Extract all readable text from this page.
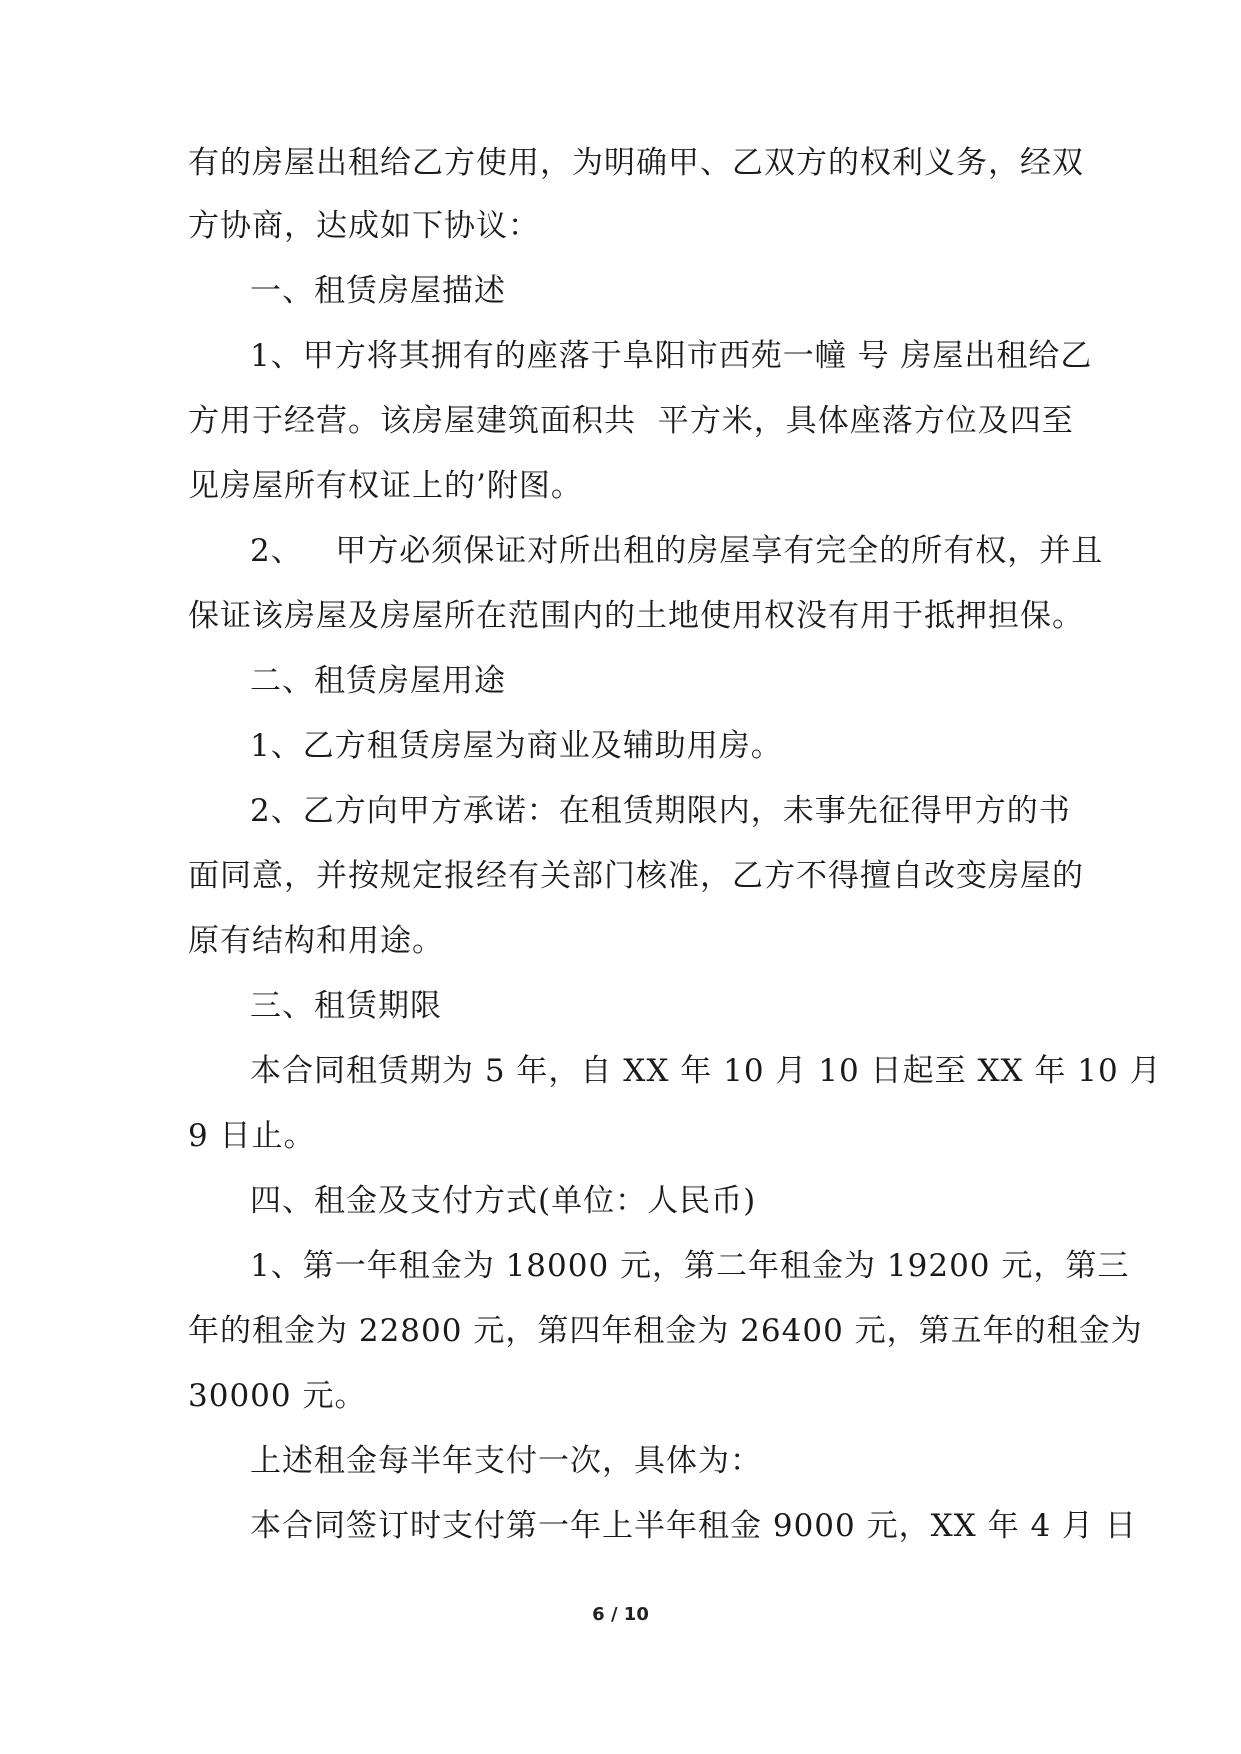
有的房屋出租给乙方使用，为明确甲、乙双方的权利义务，经双
方协商，达成如下协议：
一、租赁房屋描述
1、甲方将其拥有的座落于阜阳市西苑一幢 号 房屋出租给乙
方用于经营。该房屋建筑面积共  平方米，具体座落方位及四至
见房屋所有权证上的’附图。
2、   甲方必须保证对所出租的房屋享有完全的所有权，并且
保证该房屋及房屋所在范围内的土地使用权没有用于抵押担保。
二、租赁房屋用途
1、乙方租赁房屋为商业及辅助用房。
2、乙方向甲方承诺：在租赁期限内，未事先征得甲方的书
面同意，并按规定报经有关部门核准，乙方不得擅自改变房屋的
原有结构和用途。
三、租赁期限
本合同租赁期为 5 年，自 XX 年 10 月 10 日起至 XX 年 10 月
9 日止。
四、租金及支付方式(单位：人民币)
1、第一年租金为 18000 元，第二年租金为 19200 元，第三
年的租金为 22800 元，第四年租金为 26400 元，第五年的租金为
30000 元。
上述租金每半年支付一次，具体为：
本合同签订时支付第一年上半年租金 9000 元，XX 年 4 月 日
6 / 10
